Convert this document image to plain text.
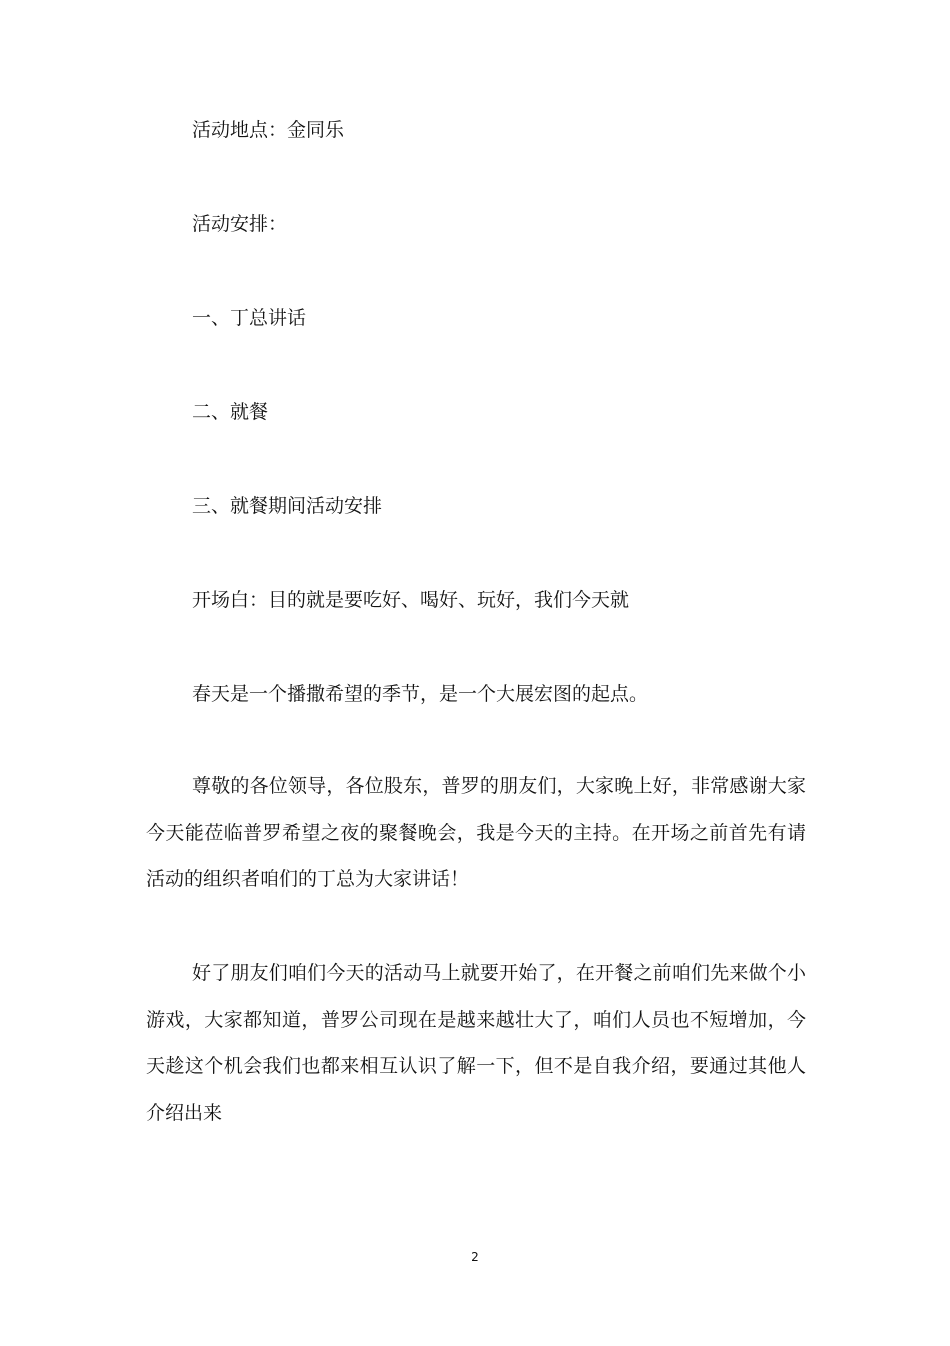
活动地点：金同乐
活动安排：
一、丁总讲话
二、就餐
三、就餐期间活动安排
开场白：目的就是要吃好、喝好、玩好，我们今天就
春天是一个播撒希望的季节，是一个大展宏图的起点。
尊敬的各位领导，各位股东，普罗的朋友们，大家晚上好，非常感谢大家今天能莅临普罗希望之夜的聚餐晚会，我是今天的主持。在开场之前首先有请活动的组织者咱们的丁总为大家讲话！
好了朋友们咱们今天的活动马上就要开始了，在开餐之前咱们先来做个小游戏，大家都知道，普罗公司现在是越来越壮大了，咱们人员也不短增加，今天趁这个机会我们也都来相互认识了解一下，但不是自我介绍，要通过其他人介绍出来
2
